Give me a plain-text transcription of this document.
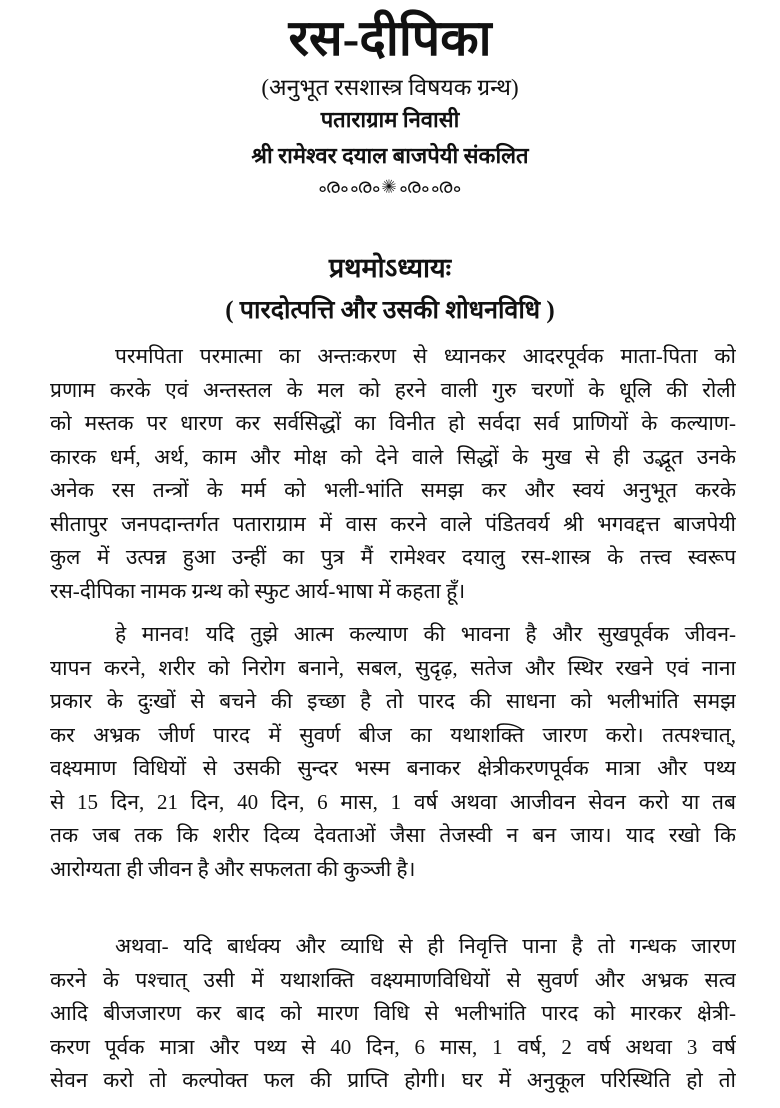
रस-दीपिका
(अनुभूत रसशास्त्र विषयक ग्रन्थ)
पताराग्राम निवासी
श्री रामेश्वर दयाल बाजपेयी संकलित
ൟൟ✺ൟൟ
प्रथमोऽध्यायः
( पारदोत्पत्ति और उसकी शोधनविधि )
परमपिता परमात्मा का अन्तःकरण से ध्यानकर आदरपूर्वक माता-पिता को
प्रणाम करके एवं अन्तस्तल के मल को हरने वाली गुरु चरणों के धूलि की रोली
को मस्तक पर धारण कर सर्वसिद्धों का विनीत हो सर्वदा सर्व प्राणियों के कल्याण-
कारक धर्म, अर्थ, काम और मोक्ष को देने वाले सिद्धों के मुख से ही उद्भूत उनके
अनेक रस तन्त्रों के मर्म को भली-भांति समझ कर और स्वयं अनुभूत करके
सीतापुर जनपदान्तर्गत पताराग्राम में वास करने वाले पंडितवर्य श्री भगवद्दत्त बाजपेयी
कुल में उत्पन्न हुआ उन्हीं का पुत्र मैं रामेश्वर दयालु रस-शास्त्र के तत्त्व स्वरूप
रस-दीपिका नामक ग्रन्थ को स्फुट आर्य-भाषा में कहता हूँ।
हे मानव! यदि तुझे आत्म कल्याण की भावना है और सुखपूर्वक जीवन-
यापन करने, शरीर को निरोग बनाने, सबल, सुदृढ़, सतेज और स्थिर रखने एवं नाना
प्रकार के दुःखों से बचने की इच्छा है तो पारद की साधना को भलीभांति समझ
कर अभ्रक जीर्ण पारद में सुवर्ण बीज का यथाशक्ति जारण करो। तत्पश्चात्,
वक्ष्यमाण विधियों से उसकी सुन्दर भस्म बनाकर क्षेत्रीकरणपूर्वक मात्रा और पथ्य
से 15 दिन, 21 दिन, 40 दिन, 6 मास, 1 वर्ष अथवा आजीवन सेवन करो या तब
तक जब तक कि शरीर दिव्य देवताओं जैसा तेजस्वी न बन जाय। याद रखो कि
आरोग्यता ही जीवन है और सफलता की कुञ्जी है।
अथवा- यदि बार्धक्य और व्याधि से ही निवृत्ति पाना है तो गन्धक जारण
करने के पश्चात् उसी में यथाशक्ति वक्ष्यमाणविधियों से सुवर्ण और अभ्रक सत्व
आदि बीजजारण कर बाद को मारण विधि से भलीभांति पारद को मारकर क्षेत्री-
करण पूर्वक मात्रा और पथ्य से 40 दिन, 6 मास, 1 वर्ष, 2 वर्ष अथवा 3 वर्ष
सेवन करो तो कल्पोक्त फल की प्राप्ति होगी। घर में अनुकूल परिस्थिति हो तो
